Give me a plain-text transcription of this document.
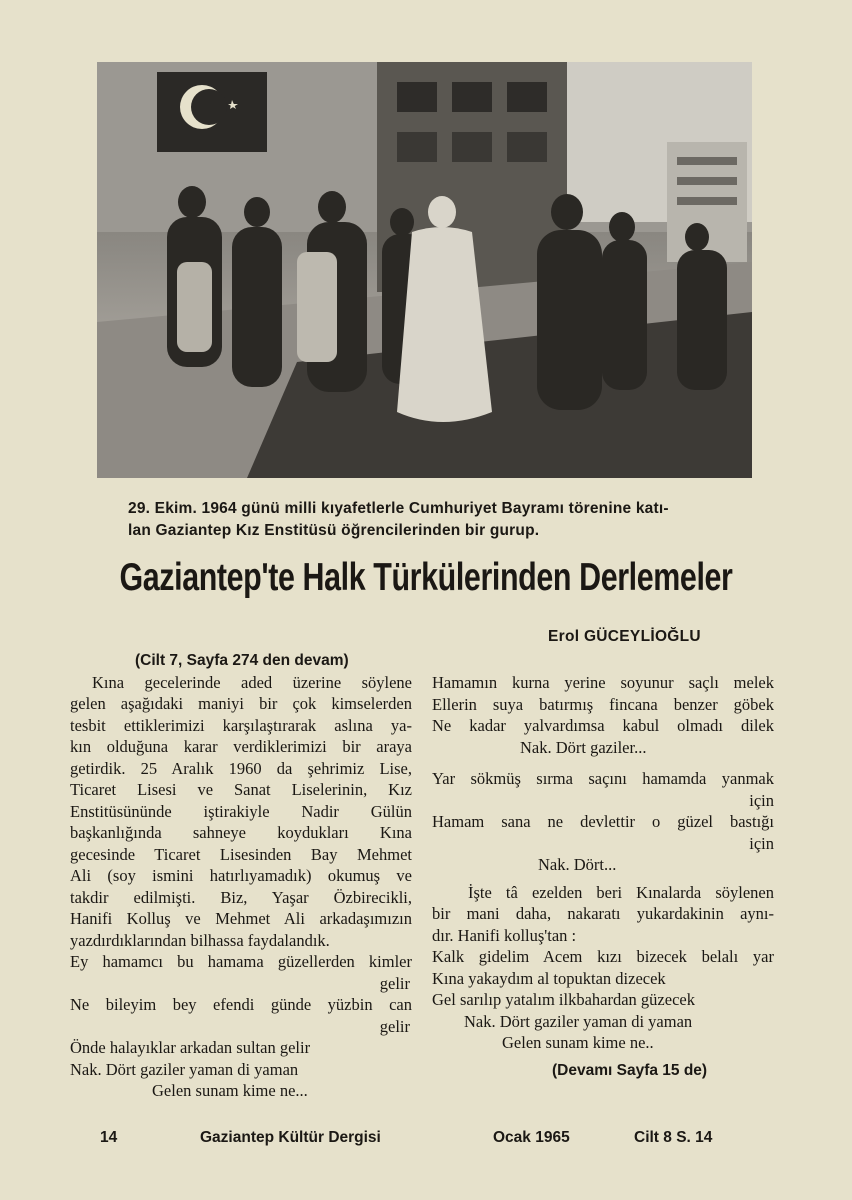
29. Ekim. 1964 günü milli kıyafetlerle Cumhuriyet Bayramı törenine katı-
lan Gaziantep Kız Enstitüsü öğrencilerinden bir gurup.
Gaziantep'te Halk Türkülerinden Derlemeler
Erol GÜCEYLİOĞLU
(Cilt 7, Sayfa 274 den devam)
Kına gecelerinde aded üzerine söylene
gelen aşağıdaki maniyi bir çok kimselerden
tesbit ettiklerimizi karşılaştırarak aslına ya-
kın olduğuna karar verdiklerimizi bir araya
getirdik. 25 Aralık 1960 da şehrimiz Lise,
Ticaret Lisesi ve Sanat Liselerinin, Kız
Enstitüsününde iştirakiyle Nadir Gülün
başkanlığında sahneye koydukları Kına
gecesinde Ticaret Lisesinden Bay Mehmet
Ali (soy ismini hatırlıyamadık) okumuş ve
takdir edilmişti. Biz, Yaşar Özbirecikli,
Hanifi Kolluş ve Mehmet Ali arkadaşımızın
yazdırdıklarından bilhassa faydalandık.
Ey hamamcı bu hamama güzellerden kimler
gelir
Ne bileyim bey efendi günde yüzbin can
gelir
Önde halayıklar arkadan sultan gelir
Nak. Dört gaziler yaman di yaman
Gelen sunam kime ne...
Hamamın kurna yerine soyunur saçlı melek
Ellerin suya batırmış fincana benzer göbek
Ne kadar yalvardımsa kabul olmadı dilek
Nak. Dört gaziler...
Yar sökmüş sırma saçını hamamda yanmak
için
Hamam sana ne devlettir o güzel bastığı
için
Nak. Dört...
İşte tâ ezelden beri Kınalarda söylenen
bir mani daha, nakaratı yukardakinin aynı-
dır. Hanifi kolluş'tan :
Kalk gidelim Acem kızı bizecek belalı yar
Kına yakaydım al topuktan dizecek
Gel sarılıp yatalım ilkbahardan güzecek
Nak. Dört gaziler yaman di yaman
Gelen sunam kime ne..
(Devamı Sayfa 15 de)
14	Gaziantep Kültür Dergisi	Ocak 1965	Cilt 8 S. 14
